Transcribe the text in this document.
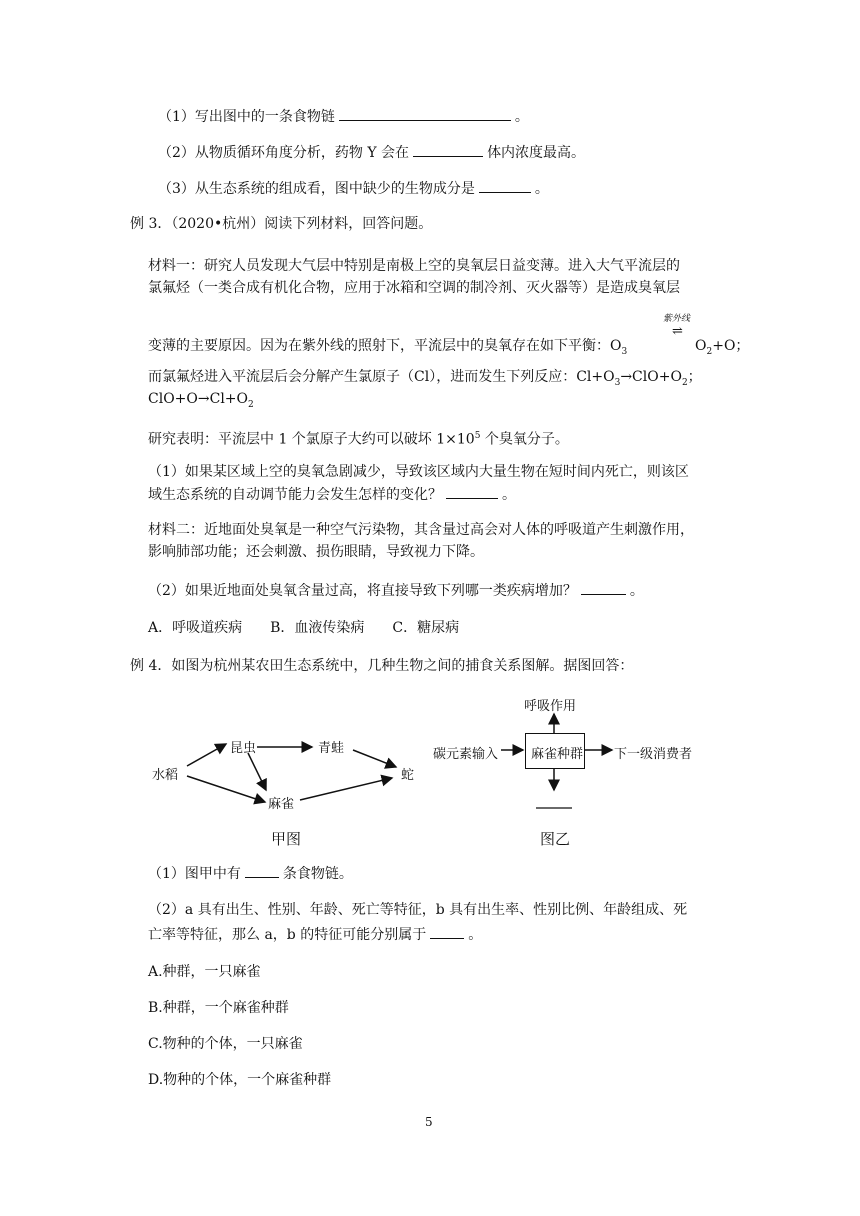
（1）写出图中的一条食物链	。
（2）从物质循环角度分析，药物 Y 会在	体内浓度最高。
（3）从生态系统的组成看，图中缺少的生物成分是	。
例 3．（2020•杭州）阅读下列材料，回答问题。
材料一：研究人员发现大气层中特别是南极上空的臭氧层日益变薄。进入大气平流层的
氯氟烃（一类合成有机化合物，应用于冰箱和空调的制冷剂、灭火器等）是造成臭氧层
紫外线
⇌
变薄的主要原因。因为在紫外线的照射下，平流层中的臭氧存在如下平衡：$O_3$	$O_2+O$；
而氯氟烃进入平流层后会分解产生氯原子（Cl），进而发生下列反应：$Cl+O_3\to ClO+O_2$；
$ClO+O\to Cl+O_2$
研究表明：平流层中 1 个氯原子大约可以破坏 $1\times 10^5$ 个臭氧分子。
（1）如果某区域上空的臭氧急剧减少，导致该区域内大量生物在短时间内死亡，则该区
域生态系统的自动调节能力会发生怎样的变化？	。
材料二：近地面处臭氧是一种空气污染物，其含量过高会对人体的呼吸道产生刺激作用，
影响肺部功能；还会刺激、损伤眼睛，导致视力下降。
（2）如果近地面处臭氧含量过高，将直接导致下列哪一类疾病增加？	。
A．呼吸道疾病　　B．血液传染病　　C．糖尿病
例 4．如图为杭州某农田生态系统中，几种生物之间的捕食关系图解。据图回答：
水稻
昆虫	青蛙
蛇
麻雀
甲图
呼吸作用
麻雀种群
碳元素输入	下一级消费者
图乙
（1）图甲中有	条食物链。
（2）a 具有出生、性别、年龄、死亡等特征，b 具有出生率、性别比例、年龄组成、死
亡率等特征，那么 a，b 的特征可能分别属于	。
A.种群，一只麻雀
B.种群，一个麻雀种群
C.物种的个体，一只麻雀
D.物种的个体，一个麻雀种群
5
